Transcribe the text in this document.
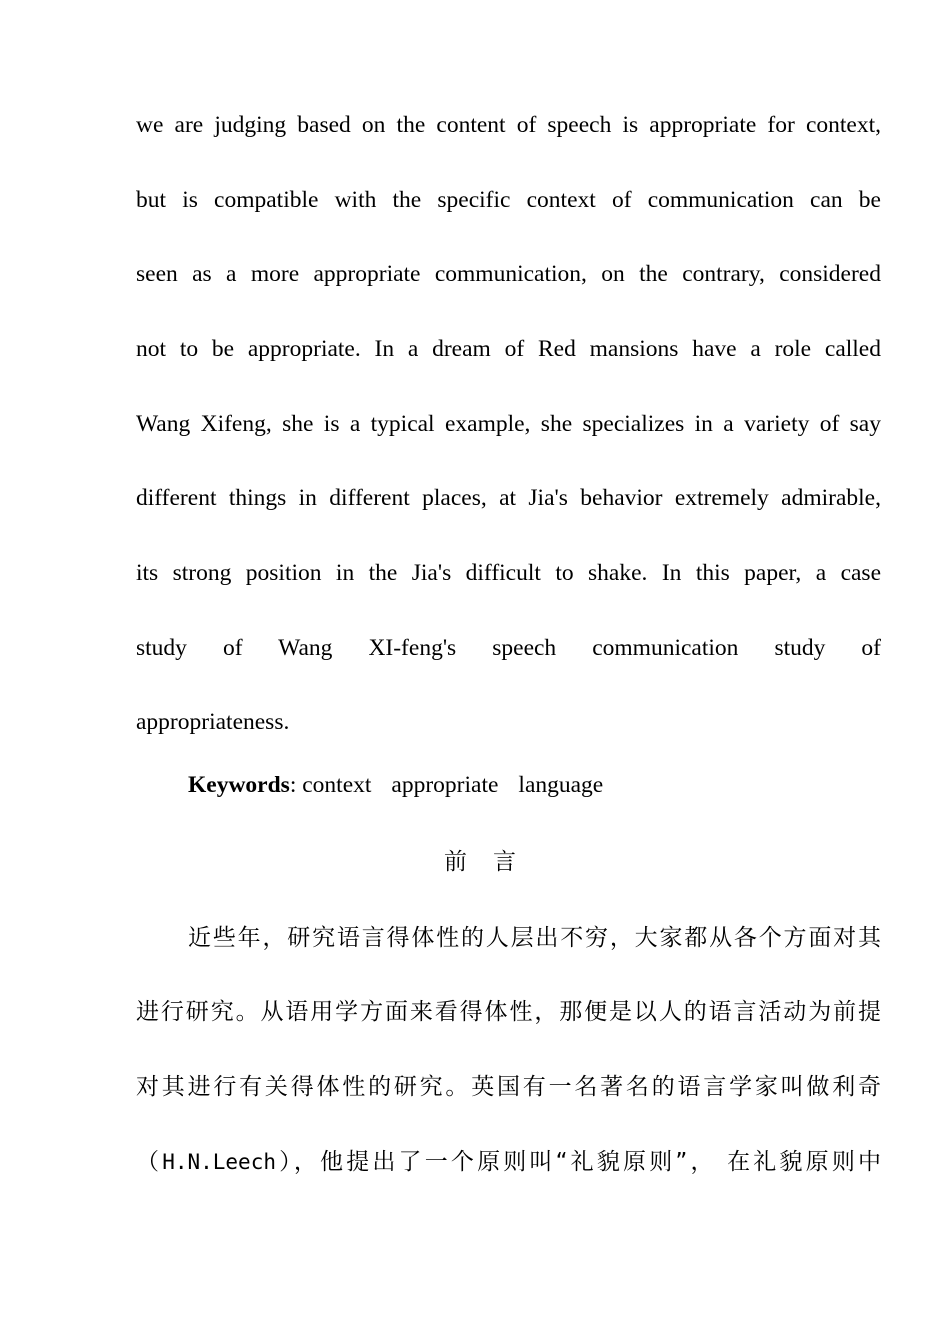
we are judging based on the content of speech is appropriate for context,
but is compatible with the specific context of communication can be
seen as a more appropriate communication, on the contrary, considered
not to be appropriate. In a dream of Red mansions have a role called
Wang Xifeng, she is a typical example, she specializes in a variety of say
different things in different places, at Jia's behavior extremely admirable,
its strong position in the Jia's difficult to shake. In this paper, a case
study of Wang XI-feng's speech communication study of
appropriateness.
Keywords: context appropriate language
前言
近些年，研究语言得体性的人层出不穷，大家都从各个方面对其
进行研究。从语用学方面来看得体性，那便是以人的语言活动为前提
对其进行有关得体性的研究。英国有一名著名的语言学家叫做利奇
（H.N.Leech），他提出了一个原则叫“礼貌原则”， 在礼貌原则中
